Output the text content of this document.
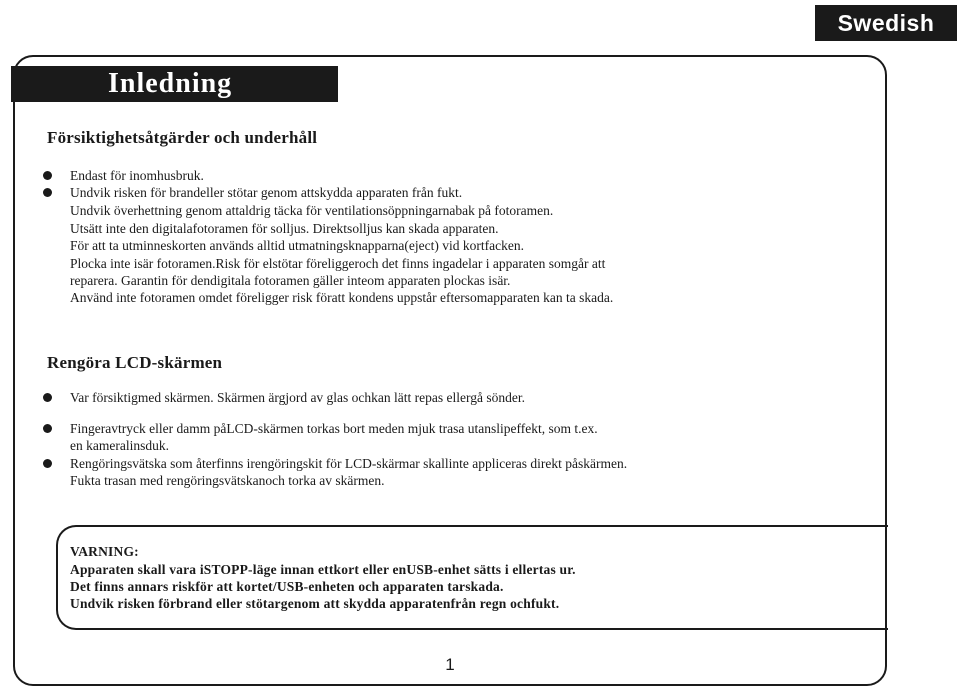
Swedish
Inledning
Försiktighetsåtgärder och underhåll
Endast för inomhusbruk.
Undvik risken för brandeller stötar genom attskydda apparaten från fukt.
Undvik överhettning genom attaldrig täcka för ventilationsöppningarnabak på fotoramen.
Utsätt inte den digitalafotoramen för solljus. Direktsolljus kan skada apparaten.
För att ta utminneskorten används alltid utmatningsknapparna(eject) vid kortfacken.
Plocka inte isär fotoramen.Risk för elstötar föreliggeroch det finns ingadelar i apparaten somgår att
reparera. Garantin för dendigitala fotoramen gäller inteom apparaten plockas isär.
Använd inte fotoramen omdet föreligger risk föratt kondens uppstår eftersomapparaten kan ta skada.
Rengöra LCD-skärmen
Var försiktigmed skärmen. Skärmen ärgjord av glas ochkan lätt repas ellergå sönder.
Fingeravtryck eller damm påLCD-skärmen torkas bort meden mjuk trasa utanslipeffekt, som t.ex.
en kameralinsduk.
Rengöringsvätska som återfinns irengöringskit för LCD-skärmar skallinte appliceras direkt påskärmen.
Fukta trasan med rengöringsvätskanoch torka av skärmen.
VARNING:
Apparaten skall vara iSTOPP-läge innan ettkort eller enUSB-enhet sätts i ellertas ur.
Det finns annars riskför att kortet/USB-enheten och apparaten tarskada.
Undvik risken förbrand eller stötargenom att skydda apparatenfrån regn ochfukt.
1
